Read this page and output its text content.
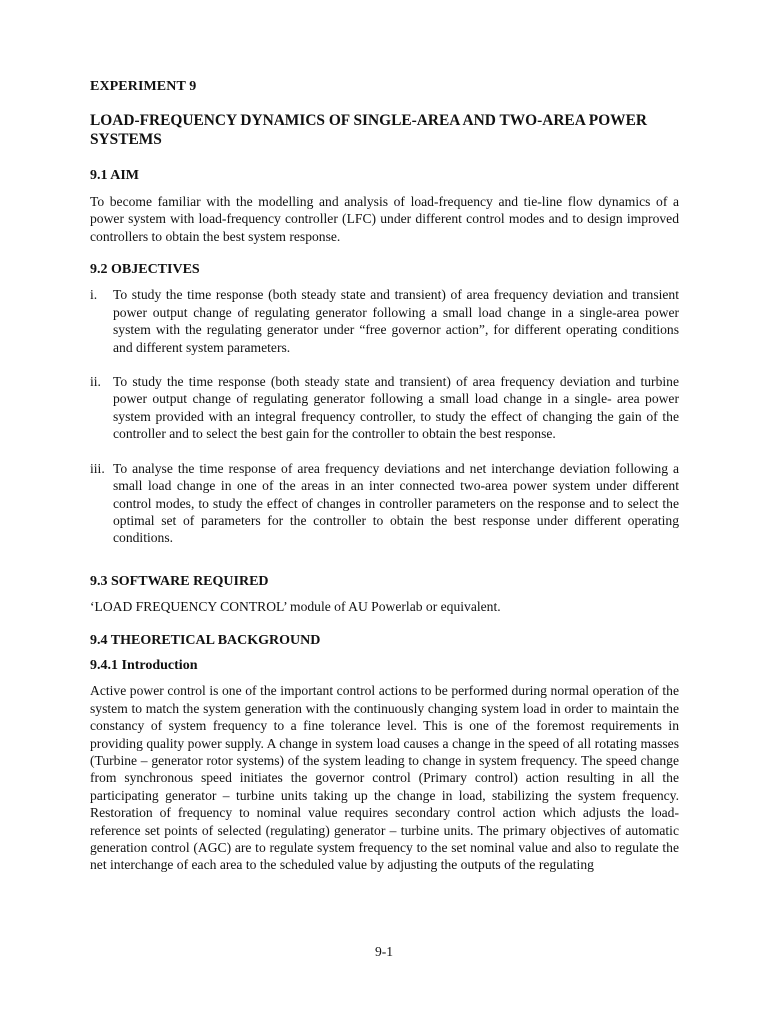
EXPERIMENT 9
LOAD-FREQUENCY DYNAMICS OF SINGLE-AREA AND TWO-AREA POWER SYSTEMS
9.1 AIM

To become familiar with the modelling and analysis of load-frequency and tie-line flow dynamics of a power system with load-frequency controller (LFC) under different control modes and to design improved controllers to obtain the best system response.

9.2 OBJECTIVES
i. To study the time response (both steady state and transient) of area frequency deviation and transient power output change of regulating generator following a small load change in a single-area power system with the regulating generator under “free governor action”, for different operating conditions and different system parameters.
ii. To study the time response (both steady state and transient) of area frequency deviation and turbine power output change of regulating generator following a small load change in a single- area power system provided with an integral frequency controller, to study the effect of changing the gain of the controller and to select the best gain for the controller to obtain the best response.
iii. To analyse the time response of area frequency deviations and net interchange deviation following a small load change in one of the areas in an inter connected two-area power system under different control modes, to study the effect of changes in controller parameters on the response and to select the optimal set of parameters for the controller to obtain the best response under different operating conditions.
9.3 SOFTWARE REQUIRED

‘LOAD FREQUENCY CONTROL’ module of AU Powerlab or equivalent.

9.4 THEORETICAL BACKGROUND
9.4.1 Introduction

Active power control is one of the important control actions to be performed during normal operation of the system to match the system generation with the continuously changing system load in order to maintain the constancy of system frequency to a fine tolerance level. This is one of the foremost requirements in providing quality power supply. A change in system load causes a change in the speed of all rotating masses (Turbine – generator rotor systems) of the system leading to change in system frequency. The speed change from synchronous speed initiates the governor control (Primary control) action resulting in all the participating generator – turbine units taking up the change in load, stabilizing the system frequency. Restoration of frequency to nominal value requires secondary control action which adjusts the load-reference set points of selected (regulating) generator – turbine units. The primary objectives of automatic generation control (AGC) are to regulate system frequency to the set nominal value and also to regulate the net interchange of each area to the scheduled value by adjusting the outputs of the regulating

9-1
